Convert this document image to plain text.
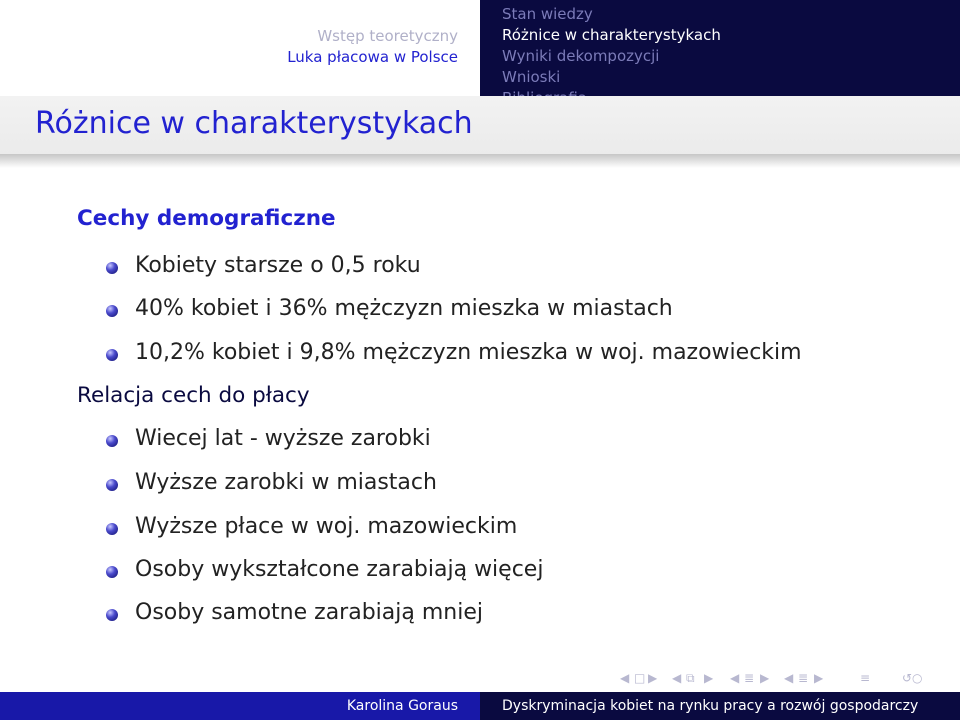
Wstęp teoretyczny
Luka płacowa w Polsce
Stan wiedzy
Różnice w charakterystykach
Wyniki dekompozycji
Wnioski
Różnice w charakterystykach
Cechy demograficzne
Kobiety starsze o 0,5 roku
40% kobiet i 36% mężczyzn mieszka w miastach
10,2% kobiet i 9,8% mężczyzn mieszka w woj. mazowieckim
Relacja cech do płacy
Wiecej lat - wyższe zarobki
Wyższe zarobki w miastach
Wyższe płace w woj. mazowieckim
Osoby wykształcone zarabiają więcej
Osoby samotne zarabiają mniej
◀ □ ▶ ◀ ⧉ ▶ ◀ ≣ ▶ ◀ ≣ ▶	≡	↺○
Karolina Goraus	Dyskryminacja kobiet na rynku pracy a rozwój gospodarczy
